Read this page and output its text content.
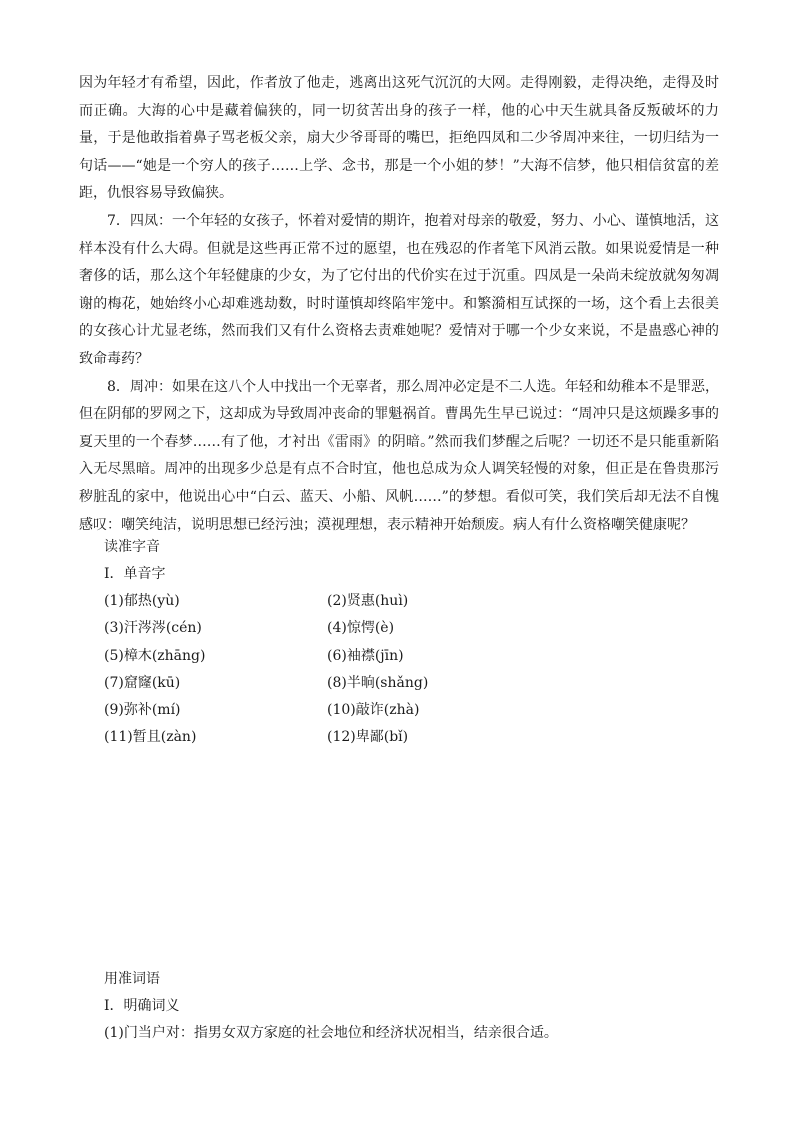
因为年轻才有希望，因此，作者放了他走，逃离出这死气沉沉的大网。走得刚毅，走得决绝，走得及时而正确。大海的心中是藏着偏狭的，同一切贫苦出身的孩子一样，他的心中天生就具备反叛破坏的力量，于是他敢指着鼻子骂老板父亲，扇大少爷哥哥的嘴巴，拒绝四凤和二少爷周冲来往，一切归结为一句话——“她是一个穷人的孩子……上学、念书，那是一个小姐的梦！”大海不信梦，他只相信贫富的差距，仇恨容易导致偏狭。

7．四凤：一个年轻的女孩子，怀着对爱情的期许，抱着对母亲的敬爱，努力、小心、谨慎地活，这样本没有什么大碍。但就是这些再正常不过的愿望，也在残忍的作者笔下风消云散。如果说爱情是一种奢侈的话，那么这个年轻健康的少女，为了它付出的代价实在过于沉重。四凤是一朵尚未绽放就匆匆凋谢的梅花，她始终小心却难逃劫数，时时谨慎却终陷牢笼中。和繁漪相互试探的一场，这个看上去很美的女孩心计尤显老练，然而我们又有什么资格去责难她呢？爱情对于哪一个少女来说，不是蛊惑心神的致命毒药？

8．周冲：如果在这八个人中找出一个无辜者，那么周冲必定是不二人选。年轻和幼稚本不是罪恶，但在阴郁的罗网之下，这却成为导致周冲丧命的罪魁祸首。曹禺先生早已说过：“周冲只是这烦躁多事的夏天里的一个春梦……有了他，才衬出《雷雨》的阴暗。”然而我们梦醒之后呢？一切还不是只能重新陷入无尽黑暗。周冲的出现多少总是有点不合时宜，他也总成为众人调笑轻慢的对象，但正是在鲁贵那污秽脏乱的家中，他说出心中“白云、蓝天、小船、风帆……”的梦想。看似可笑，我们笑后却无法不自愧感叹：嘲笑纯洁，说明思想已经污浊；漠视理想，表示精神开始颓废。病人有什么资格嘲笑健康呢？

读准字音

Ⅰ．单音字

(1)郁热(yù)	(2)贤惠(huì)
(3)汗涔涔(cén)	(4)惊愕(è)
(5)樟木(zhāng)	(6)袖襟(jīn)
(7)窟窿(kū)	(8)半晌(shǎng)
(9)弥补(mí)	(10)敲诈(zhà)
(11)暂且(zàn)	(12)卑鄙(bǐ)

用准词语

Ⅰ．明确词义

(1)门当户对：指男女双方家庭的社会地位和经济状况相当，结亲很合适。
